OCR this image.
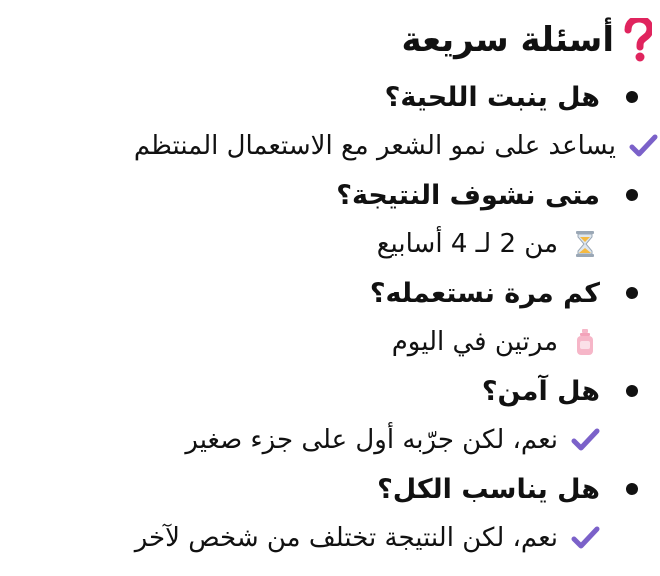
أسئلة سريعة
هل ينبت اللحية؟
يساعد على نمو الشعر مع الاستعمال المنتظم
متى نشوف النتيجة؟
من 2 لـ 4 أسابيع
كم مرة نستعمله؟
مرتين في اليوم
هل آمن؟
نعم، لكن جرّبه أول على جزء صغير
هل يناسب الكل؟
نعم، لكن النتيجة تختلف من شخص لآخر
